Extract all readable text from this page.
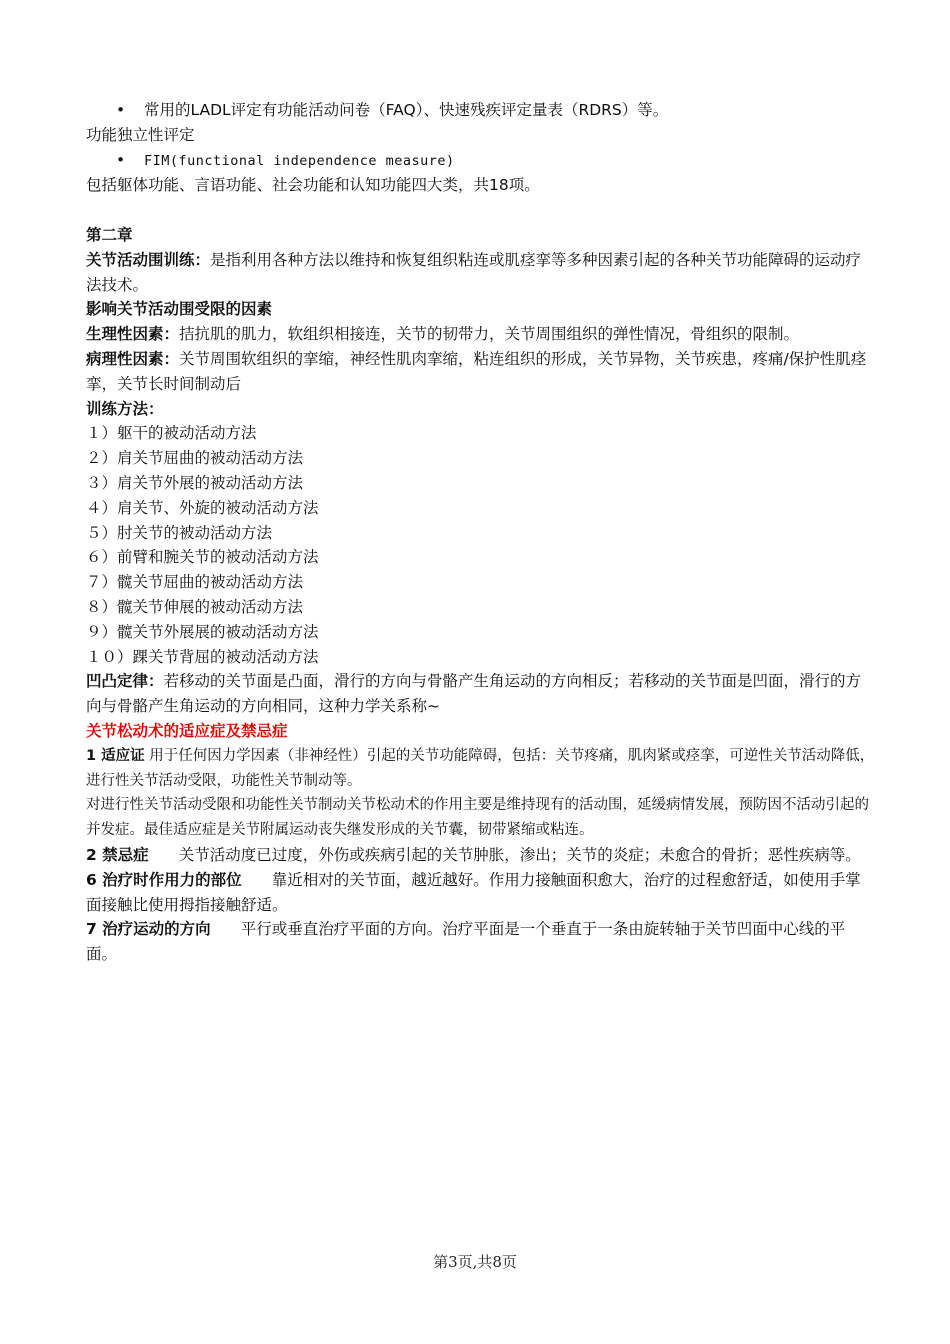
• 常用的LADL评定有功能活动问卷（FAQ）、快速残疾评定量表（RDRS）等。
功能独立性评定
• FIM(functional independence measure)
包括躯体功能、言语功能、社会功能和认知功能四大类，共18项。
第二章
关节活动围训练：是指利用各种方法以维持和恢复组织粘连或肌痉挛等多种因素引起的各种关节功能障碍的运动疗法技术。
影响关节活动围受限的因素
生理性因素：拮抗肌的肌力，软组织相接连，关节的韧带力，关节周围组织的弹性情况，骨组织的限制。
病理性因素：关节周围软组织的挛缩，神经性肌肉挛缩，粘连组织的形成，关节异物，关节疾患，疼痛/保护性肌痉挛，关节长时间制动后
训练方法：
１）躯干的被动活动方法
２）肩关节屈曲的被动活动方法
３）肩关节外展的被动活动方法
４）肩关节、外旋的被动活动方法
５）肘关节的被动活动方法
６）前臂和腕关节的被动活动方法
７）髋关节屈曲的被动活动方法
８）髋关节伸展的被动活动方法
９）髋关节外展展的被动活动方法
１０）踝关节背屈的被动活动方法
凹凸定律：若移动的关节面是凸面，滑行的方向与骨骼产生角运动的方向相反；若移动的关节面是凹面，滑行的方向与骨骼产生角运动的方向相同，这种力学关系称~
关节松动术的适应症及禁忌症
1 适应证 用于任何因力学因素（非神经性）引起的关节功能障碍，包括：关节疼痛，肌肉紧或痉挛，可逆性关节活动降低，进行性关节活动受限，功能性关节制动等。
对进行性关节活动受限和功能性关节制动关节松动术的作用主要是维持现有的活动围，延缓病情发展，预防因不活动引起的并发症。最佳适应症是关节附属运动丧失继发形成的关节囊，韧带紧缩或粘连。
2 禁忌症 关节活动度已过度，外伤或疾病引起的关节肿胀，渗出；关节的炎症；未愈合的骨折；恶性疾病等。
6 治疗时作用力的部位 靠近相对的关节面，越近越好。作用力接触面积愈大，治疗的过程愈舒适，如使用手掌面接触比使用拇指接触舒适。
7 治疗运动的方向 平行或垂直治疗平面的方向。治疗平面是一个垂直于一条由旋转轴于关节凹面中心线的平面。
第3页,共8页
